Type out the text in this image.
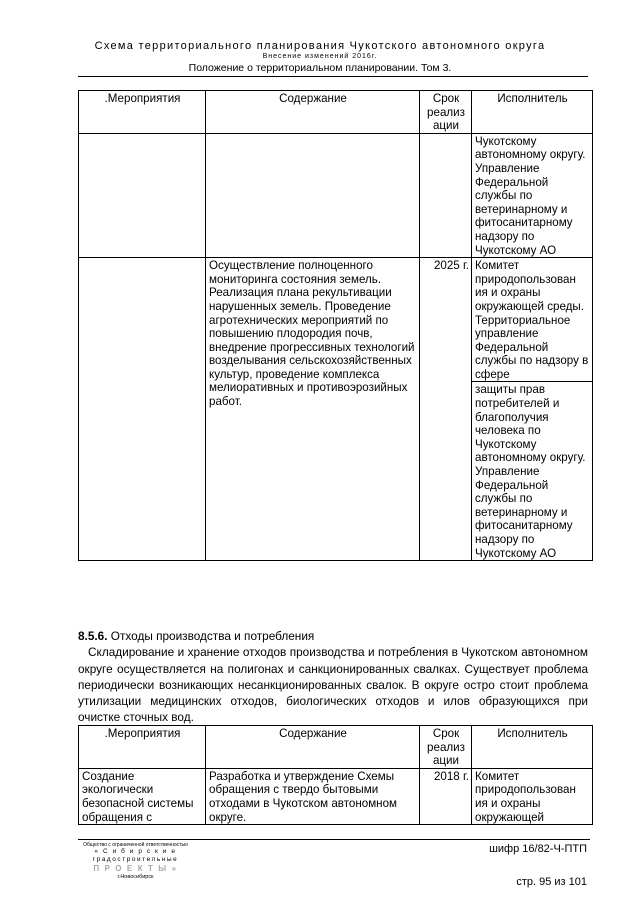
Схема территориального планирования Чукотского автономного округа
Внесение изменений 2016г.
Положение о территориальном планировании. Том 3.
.Мероприятия	Содержание	Срок реализ ации	Исполнитель
			Чукотскому автономному округу. Управление Федеральной службы по ветеринарному и фитосанитарному надзору по Чукотскому АО
	Осуществление полноценного мониторинга состояния земель. Реализация плана рекультивации нарушенных земель. Проведение агротехнических мероприятий по повышению плодородия почв, внедрение прогрессивных технологий возделывания сельскохозяйственных культур, проведение комплекса мелиоративных и противоэрозийных работ.	2025 г.	Комитет природопользован ия и охраны окружающей среды. Территориальное управление Федеральной службы по надзору в сфере
			защиты прав потребителей и благополучия человека по Чукотскому автономному округу. Управление Федеральной службы по ветеринарному и фитосанитарному надзору по Чукотскому АО
8.5.6. Отходы производства и потребления
Складирование и хранение отходов производства и потребления в Чукотском автономном округе осуществляется на полигонах и санкционированных свалках. Существует проблема периодически возникающих несанкционированных свалок. В округе остро стоит проблема утилизации медицинских отходов, биологических отходов и илов образующихся при очистке сточных вод.
.Мероприятия	Содержание	Срок реализ ации	Исполнитель
Создание экологически безопасной системы обращения с	Разработка и утверждение Схемы обращения с твердо бытовыми отходами в Чукотском автономном округе.	2018 г.	Комитет природопользован ия и охраны окружающей
Общество с ограниченной ответственностью
« С и б и р с к и е
градостроительные
П Р О Е К Т Ы »
г.Новосибирск
шифр 16/82-Ч-ПТП
стр. 95 из 101
